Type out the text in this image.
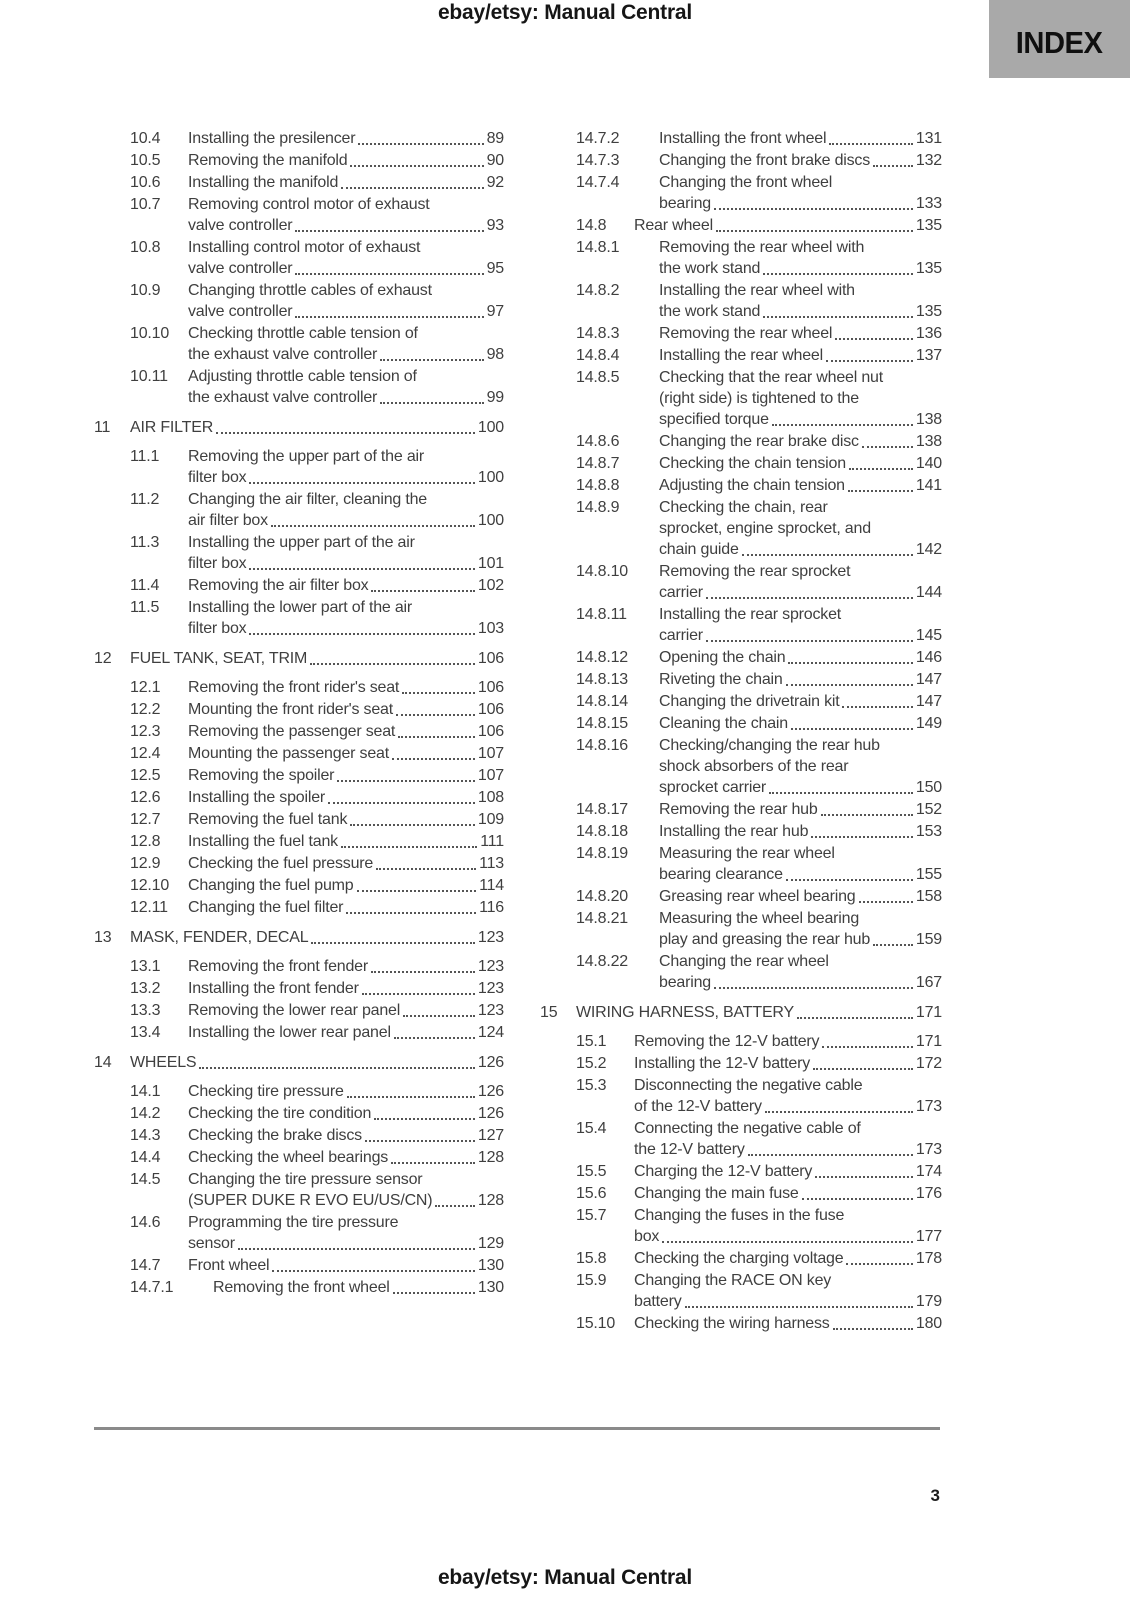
ebay/etsy: Manual Central
INDEX
10.4	Installing the presilencer	89
10.5	Removing the manifold	90
10.6	Installing the manifold	92
10.7	Removing control motor of exhaust
valve controller	93
10.8	Installing control motor of exhaust
valve controller	95
10.9	Changing throttle cables of exhaust
valve controller	97
10.10	Checking throttle cable tension of
the exhaust valve controller	98
10.11	Adjusting throttle cable tension of
the exhaust valve controller	99
11	AIR FILTER	100
11.1	Removing the upper part of the air
filter box	100
11.2	Changing the air filter, cleaning the
air filter box	100
11.3	Installing the upper part of the air
filter box	101
11.4	Removing the air filter box	102
11.5	Installing the lower part of the air
filter box	103
12	FUEL TANK, SEAT, TRIM	106
12.1	Removing the front rider's seat	106
12.2	Mounting the front rider's seat	106
12.3	Removing the passenger seat	106
12.4	Mounting the passenger seat	107
12.5	Removing the spoiler	107
12.6	Installing the spoiler	108
12.7	Removing the fuel tank	109
12.8	Installing the fuel tank	111
12.9	Checking the fuel pressure	113
12.10	Changing the fuel pump	114
12.11	Changing the fuel filter	116
13	MASK, FENDER, DECAL	123
13.1	Removing the front fender	123
13.2	Installing the front fender	123
13.3	Removing the lower rear panel	123
13.4	Installing the lower rear panel	124
14	WHEELS	126
14.1	Checking tire pressure	126
14.2	Checking the tire condition	126
14.3	Checking the brake discs	127
14.4	Checking the wheel bearings	128
14.5	Changing the tire pressure sensor
(SUPER DUKE R EVO EU/US/CN)	128
14.6	Programming the tire pressure
sensor	129
14.7	Front wheel	130
14.7.1	Removing the front wheel	130
14.7.2	Installing the front wheel	131
14.7.3	Changing the front brake discs	132
14.7.4	Changing the front wheel
bearing	133
14.8	Rear wheel	135
14.8.1	Removing the rear wheel with
the work stand	135
14.8.2	Installing the rear wheel with
the work stand	135
14.8.3	Removing the rear wheel	136
14.8.4	Installing the rear wheel	137
14.8.5	Checking that the rear wheel nut
(right side) is tightened to the
specified torque	138
14.8.6	Changing the rear brake disc	138
14.8.7	Checking the chain tension	140
14.8.8	Adjusting the chain tension	141
14.8.9	Checking the chain, rear
sprocket, engine sprocket, and
chain guide	142
14.8.10	Removing the rear sprocket
carrier	144
14.8.11	Installing the rear sprocket
carrier	145
14.8.12	Opening the chain	146
14.8.13	Riveting the chain	147
14.8.14	Changing the drivetrain kit	147
14.8.15	Cleaning the chain	149
14.8.16	Checking/changing the rear hub
shock absorbers of the rear
sprocket carrier	150
14.8.17	Removing the rear hub	152
14.8.18	Installing the rear hub	153
14.8.19	Measuring the rear wheel
bearing clearance	155
14.8.20	Greasing rear wheel bearing	158
14.8.21	Measuring the wheel bearing
play and greasing the rear hub	159
14.8.22	Changing the rear wheel
bearing	167
15	WIRING HARNESS, BATTERY	171
15.1	Removing the 12-V battery	171
15.2	Installing the 12-V battery	172
15.3	Disconnecting the negative cable
of the 12-V battery	173
15.4	Connecting the negative cable of
the 12-V battery	173
15.5	Charging the 12-V battery	174
15.6	Changing the main fuse	176
15.7	Changing the fuses in the fuse
box	177
15.8	Checking the charging voltage	178
15.9	Changing the RACE ON key
battery	179
15.10	Checking the wiring harness	180
3
ebay/etsy: Manual Central
